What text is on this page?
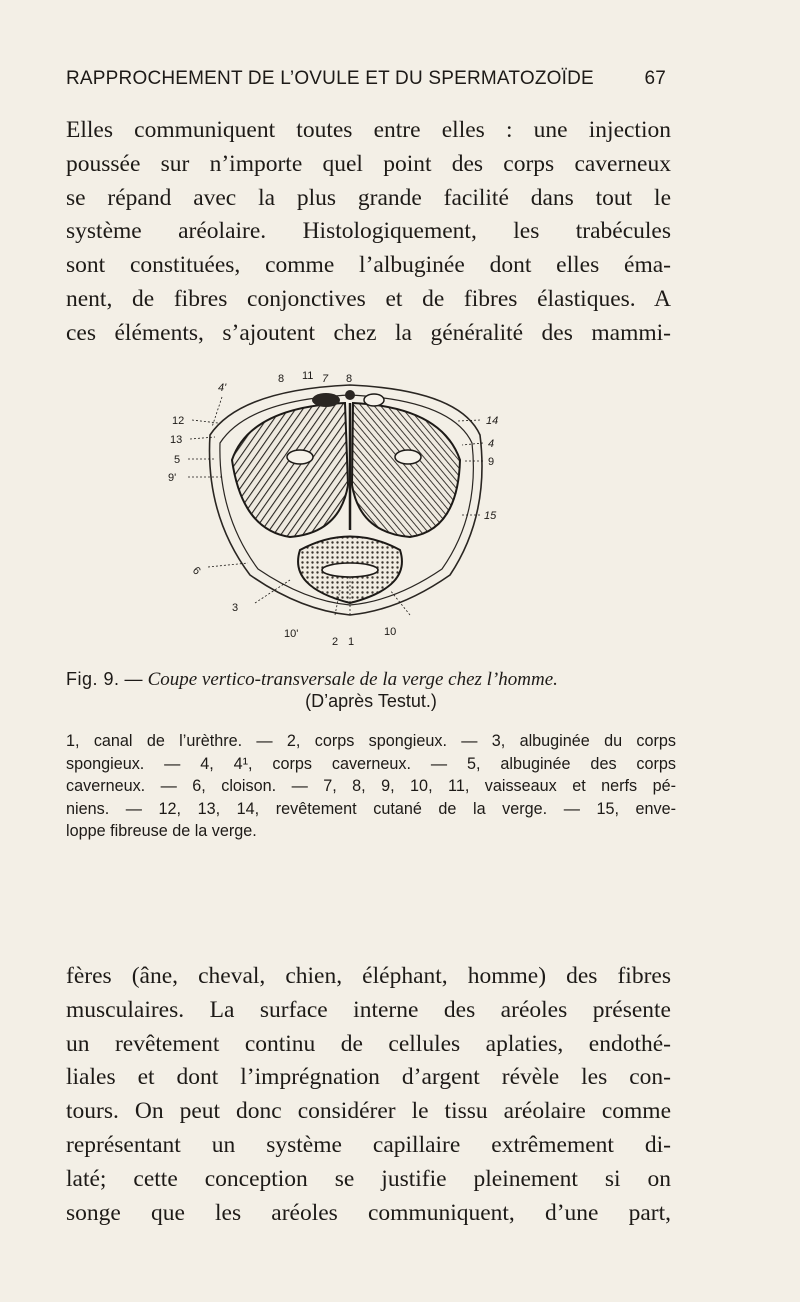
RAPPROCHEMENT DE L’OVULE ET DU SPERMATOZOÏDE	67
Elles communiquent toutes entre elles : une injection
poussée sur n’importe quel point des corps caverneux
se répand avec la plus grande facilité dans tout le
système aréolaire. Histologiquement, les trabécules
sont constituées, comme l’albuginée dont elles éma-
nent, de fibres conjonctives et de fibres élastiques. A
ces éléments, s’ajoutent chez la généralité des mammi-
4'
8 11 7 8
12
13
5
9'
14
4
9
15
6
3
10'
2 1
10
Fig. 9. — Coupe vertico-transversale de la verge chez l’homme.
(D’après Testut.)
1, canal de l’urèthre. — 2, corps spongieux. — 3, albuginée du corps
spongieux. — 4, 4¹, corps caverneux. — 5, albuginée des corps
caverneux. — 6, cloison. — 7, 8, 9, 10, 11, vaisseaux et nerfs pé-
niens. — 12, 13, 14, revêtement cutané de la verge. — 15, enve-
loppe fibreuse de la verge.
fères (âne, cheval, chien, éléphant, homme) des fibres
musculaires. La surface interne des aréoles présente
un revêtement continu de cellules aplaties, endothé-
liales et dont l’imprégnation d’argent révèle les con-
tours. On peut donc considérer le tissu aréolaire comme
représentant un système capillaire extrêmement di-
laté; cette conception se justifie pleinement si on
songe que les aréoles communiquent, d’une part,
